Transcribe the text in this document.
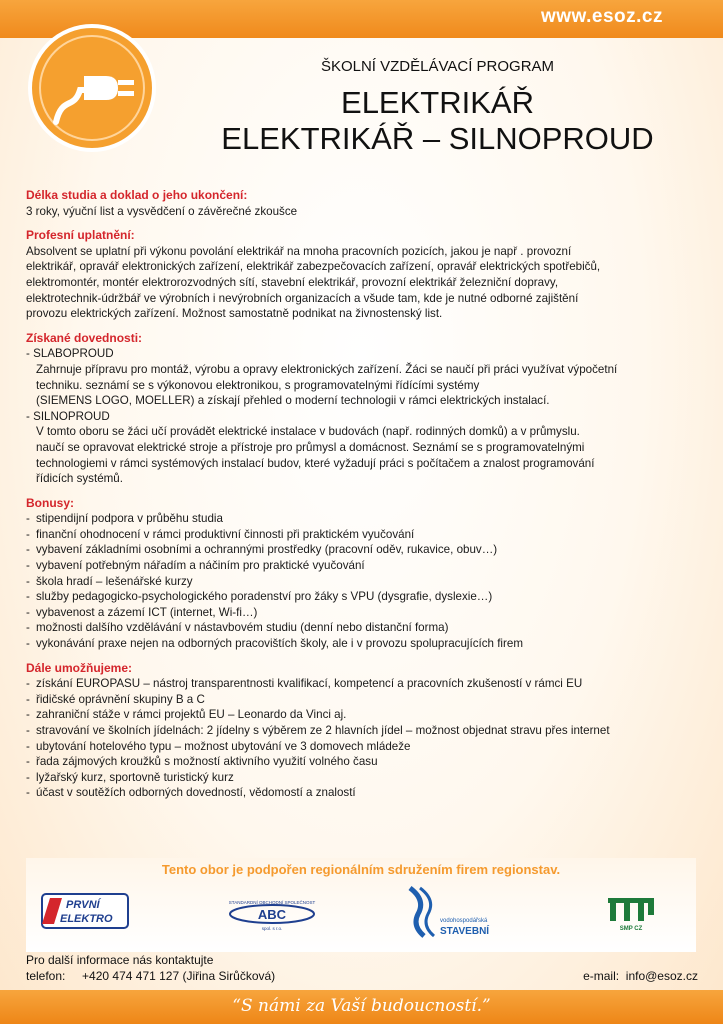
www.esoz.cz
ŠKOLNÍ VZDĚLÁVACÍ PROGRAM
ELEKTRIKÁŘ
ELEKTRIKÁŘ – SILNOPROUD
Délka studia a doklad o jeho ukončení:
3 roky, výuční list a vysvědčení o závěrečné zkoušce
Profesní uplatnění:
Absolvent se uplatní při výkonu povolání elektrikář na mnoha pracovních pozicích, jakou je např . provozní
elektrikář, opravář elektronických zařízení, elektrikář zabezpečovacích zařízení, opravář elektrických spotřebičů,
elektromontér, montér elektrorozvodných sítí, stavební elektrikář, provozní elektrikář železniční dopravy,
elektrotechnik-údržbář ve výrobních i nevýrobních organizacích a všude tam, kde je nutné odborné zajištění
provozu elektrických zařízení. Možnost samostatně podnikat na živnostenský list.
Získané dovednosti:
- SLABOPROUD
Zahrnuje přípravu pro montáž, výrobu a opravy elektronických zařízení. Žáci se naučí při práci využívat výpočetní
techniku. seznámí se s výkonovou elektronikou, s programovatelnými řídícími systémy
(SIEMENS LOGO, MOELLER) a získají přehled o moderní technologii v rámci elektrických instalací.
- SILNOPROUD
V tomto oboru se žáci učí provádět elektrické instalace v budovách (např. rodinných domků) a v průmyslu.
naučí se opravovat elektrické stroje a přístroje pro průmysl a domácnost. Seznámí se s programovatelnými
technologiemi v rámci systémových instalací budov, které vyžadují práci s počítačem a znalost programování
řídicích systémů.
Bonusy:
- stipendijní podpora v průběhu studia
- finanční ohodnocení v rámci produktivní činnosti při praktickém vyučování
- vybavení základními osobními a ochrannými prostředky (pracovní oděv, rukavice, obuv…)
- vybavení potřebným nářadím a náčiním pro praktické vyučování
- škola hradí – lešenářské kurzy
- služby pedagogicko-psychologického poradenství pro žáky s VPU (dysgrafie, dyslexie…)
- vybavenost a zázemí ICT (internet, Wi-fi…)
- možnosti dalšího vzdělávání v nástavbovém studiu (denní nebo distanční forma)
- vykonávání praxe nejen na odborných pracovištích školy, ale i v provozu spolupracujících firem
Dále umožňujeme:
- získání EUROPASU – nástroj transparentnosti kvalifikací, kompetencí a pracovních zkušeností v rámci EU
- řidičské oprávnění skupiny B a C
- zahraniční stáže v rámci projektů EU – Leonardo da Vinci aj.
- stravování ve školních jídelnách: 2 jídelny s výběrem ze 2 hlavních jídel – možnost objednat stravu přes internet
- ubytování hotelového typu – možnost ubytování ve 3 domovech mládeže
- řada zájmových kroužků s možností aktivního využití volného času
- lyžařský kurz, sportovně turistický kurz
- účast v soutěžích odborných dovedností, vědomostí a znalostí
Tento obor je podpořen regionálním sdružením firem regionstav.
PRVNÍ
ELEKTRO
STANDARDNÍ OBCHODNÍ SPOLEČNOST
ABC
spol. s r.o.
vodohospodářská
STAVEBNÍ	SMP CZ
Pro další informace nás kontaktujte
telefon: +420 474 471 127 (Jiřina Sirůčková)	e-mail: info@esoz.cz
“S námi za Vaší budoucností.”
